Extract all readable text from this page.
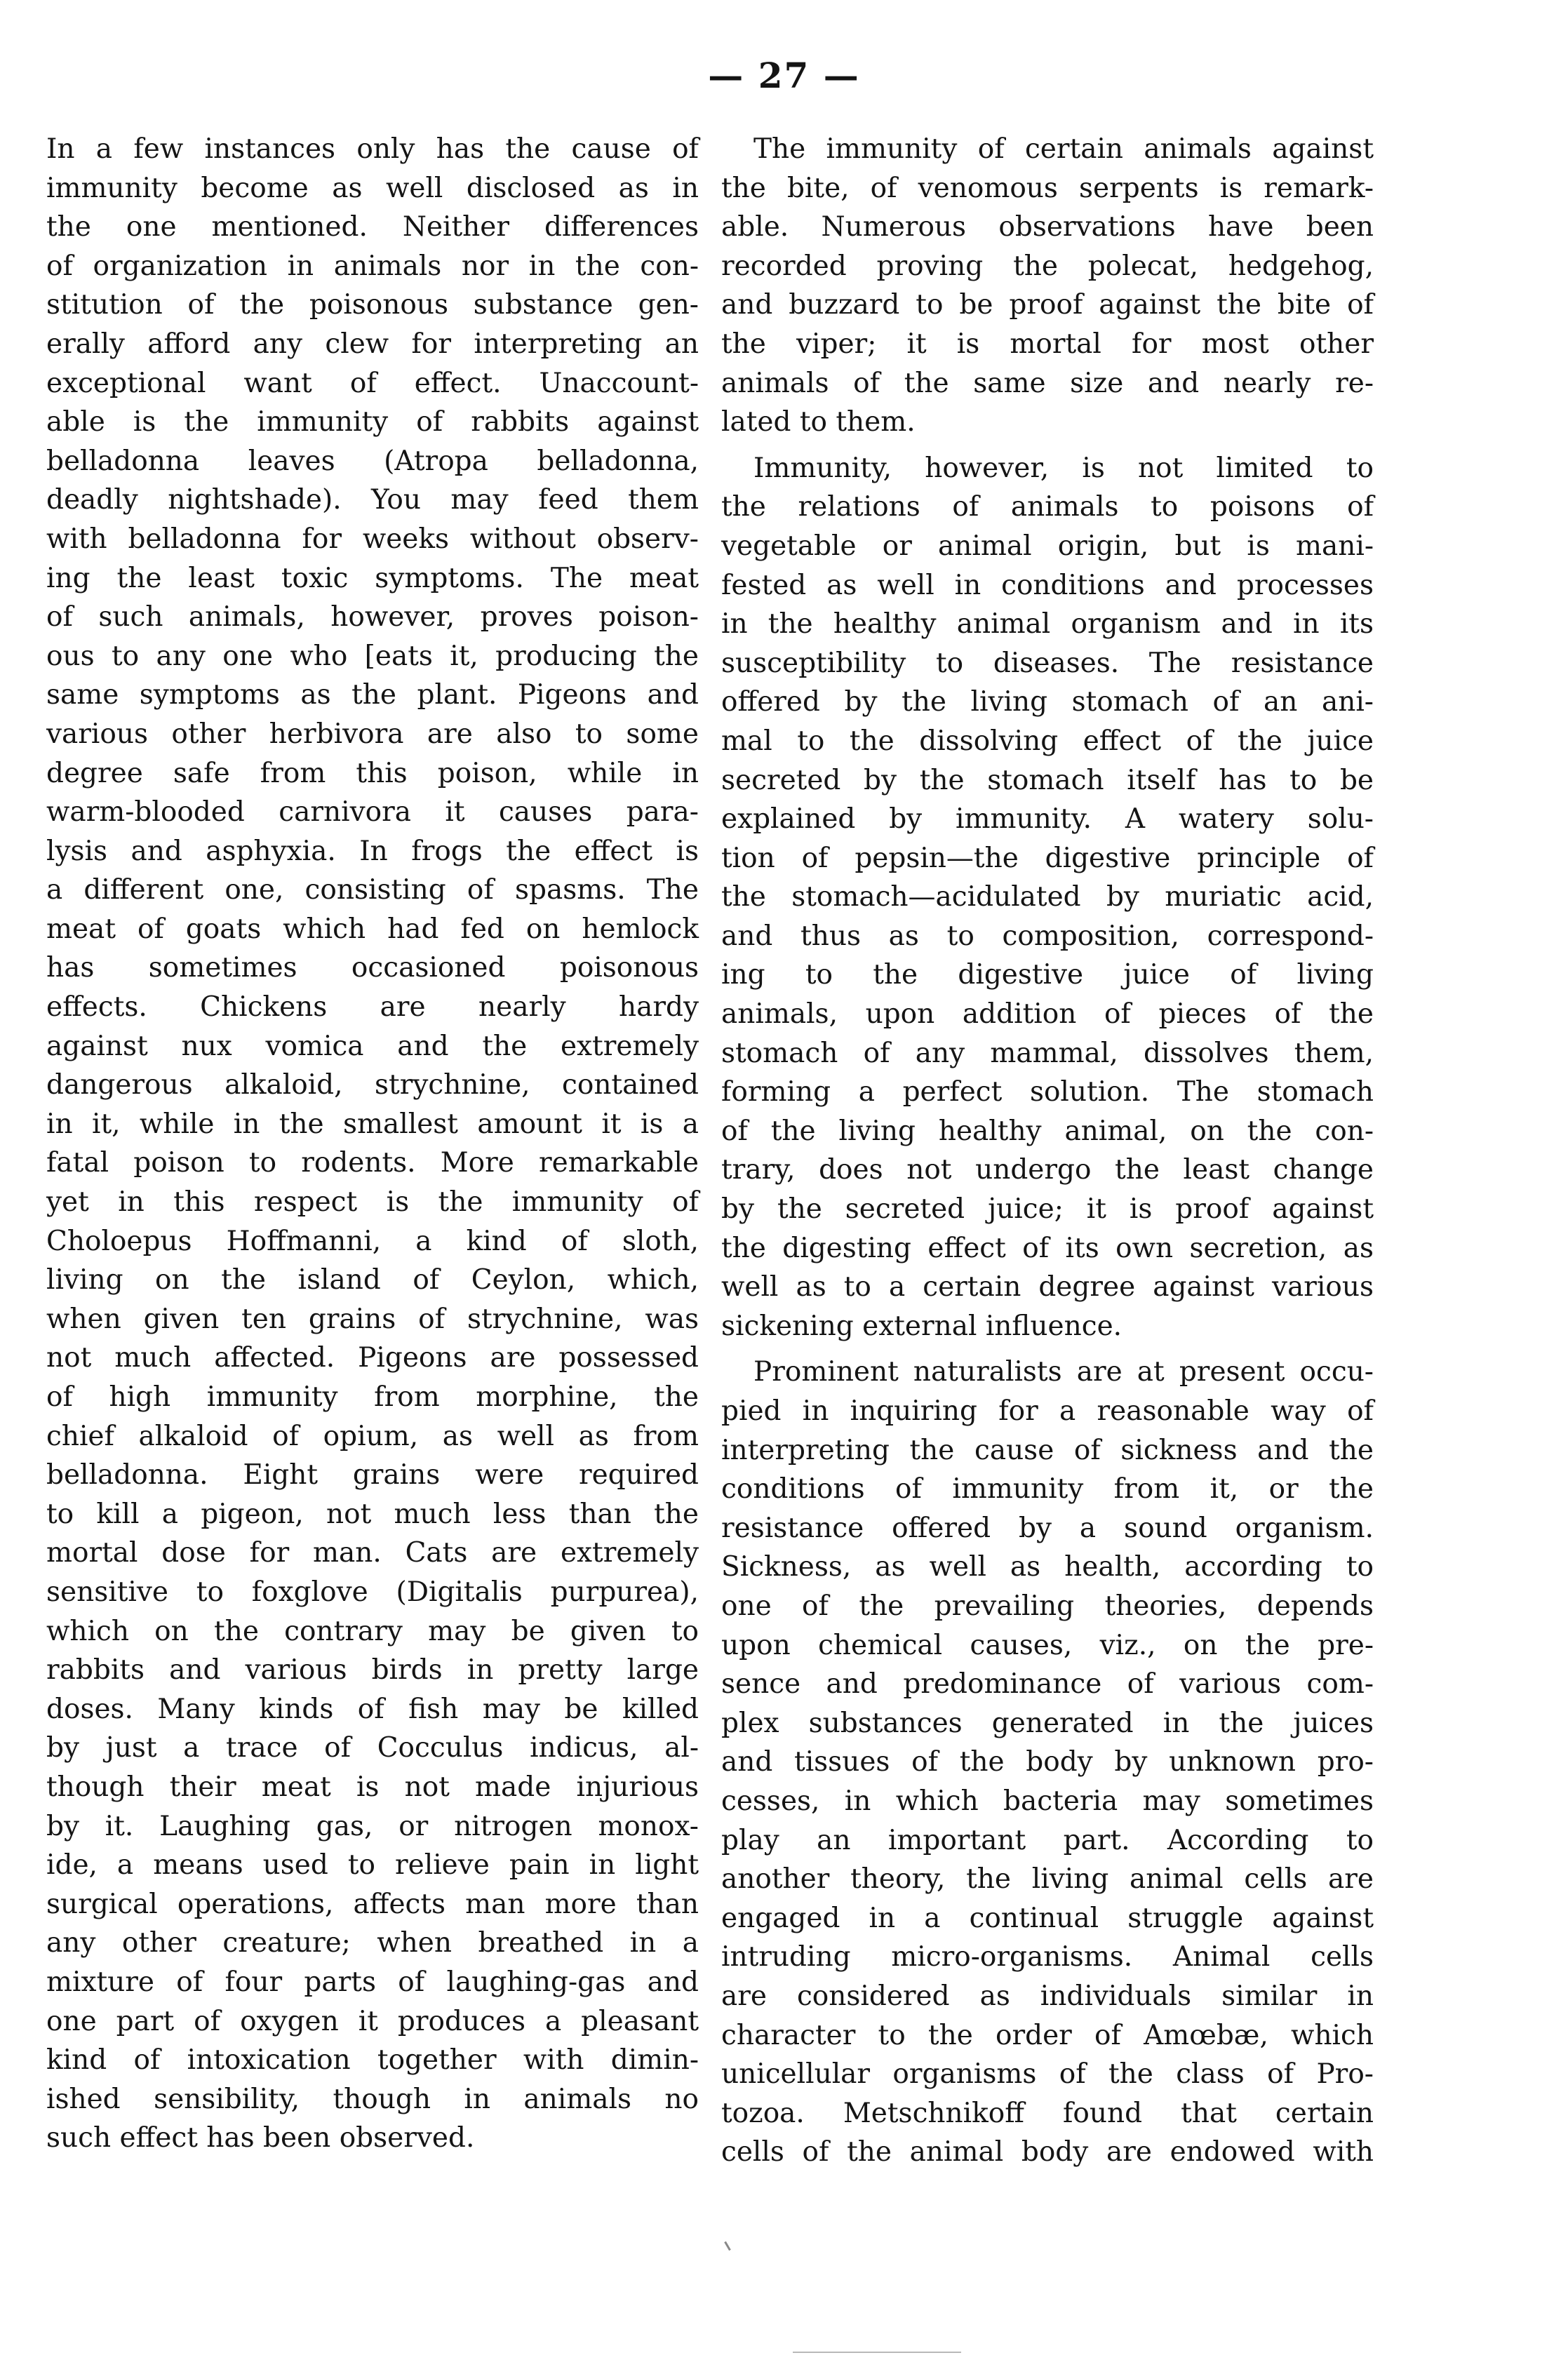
— 27 —
In a few instances only has the cause of
immunity become as well disclosed as in
the one mentioned. Neither differences
of organization in animals nor in the con-
stitution of the poisonous substance gen-
erally afford any clew for interpreting an
exceptional want of effect. Unaccount-
able is the immunity of rabbits against
belladonna leaves (Atropa belladonna,
deadly nightshade). You may feed them
with belladonna for weeks without observ-
ing the least toxic symptoms. The meat
of such animals, however, proves poison-
ous to any one who [eats it, producing the
same symptoms as the plant. Pigeons and
various other herbivora are also to some
degree safe from this poison, while in
warm-blooded carnivora it causes para-
lysis and asphyxia. In frogs the effect is
a different one, consisting of spasms. The
meat of goats which had fed on hemlock
has sometimes occasioned poisonous
effects. Chickens are nearly hardy
against nux vomica and the extremely
dangerous alkaloid, strychnine, contained
in it, while in the smallest amount it is a
fatal poison to rodents. More remarkable
yet in this respect is the immunity of
Choloepus Hoffmanni, a kind of sloth,
living on the island of Ceylon, which,
when given ten grains of strychnine, was
not much affected. Pigeons are possessed
of high immunity from morphine, the
chief alkaloid of opium, as well as from
belladonna. Eight grains were required
to kill a pigeon, not much less than the
mortal dose for man. Cats are extremely
sensitive to foxglove (Digitalis purpurea),
which on the contrary may be given to
rabbits and various birds in pretty large
doses. Many kinds of fish may be killed
by just a trace of Cocculus indicus, al-
though their meat is not made injurious
by it. Laughing gas, or nitrogen monox-
ide, a means used to relieve pain in light
surgical operations, affects man more than
any other creature; when breathed in a
mixture of four parts of laughing-gas and
one part of oxygen it produces a pleasant
kind of intoxication together with dimin-
ished sensibility, though in animals no
such effect has been observed.
The immunity of certain animals against
the bite, of venomous serpents is remark-
able. Numerous observations have been
recorded proving the polecat, hedgehog,
and buzzard to be proof against the bite of
the viper; it is mortal for most other
animals of the same size and nearly re-
lated to them.
Immunity, however, is not limited to
the relations of animals to poisons of
vegetable or animal origin, but is mani-
fested as well in conditions and processes
in the healthy animal organism and in its
susceptibility to diseases. The resistance
offered by the living stomach of an ani-
mal to the dissolving effect of the juice
secreted by the stomach itself has to be
explained by immunity. A watery solu-
tion of pepsin—the digestive principle of
the stomach—acidulated by muriatic acid,
and thus as to composition, correspond-
ing to the digestive juice of living
animals, upon addition of pieces of the
stomach of any mammal, dissolves them,
forming a perfect solution. The stomach
of the living healthy animal, on the con-
trary, does not undergo the least change
by the secreted juice; it is proof against
the digesting effect of its own secretion, as
well as to a certain degree against various
sickening external influence.
Prominent naturalists are at present occu-
pied in inquiring for a reasonable way of
interpreting the cause of sickness and the
conditions of immunity from it, or the
resistance offered by a sound organism.
Sickness, as well as health, according to
one of the prevailing theories, depends
upon chemical causes, viz., on the pre-
sence and predominance of various com-
plex substances generated in the juices
and tissues of the body by unknown pro-
cesses, in which bacteria may sometimes
play an important part. According to
another theory, the living animal cells are
engaged in a continual struggle against
intruding micro-organisms. Animal cells
are considered as individuals similar in
character to the order of Amœbæ, which
unicellular organisms of the class of Pro-
tozoa. Metschnikoff found that certain
cells of the animal body are endowed with
